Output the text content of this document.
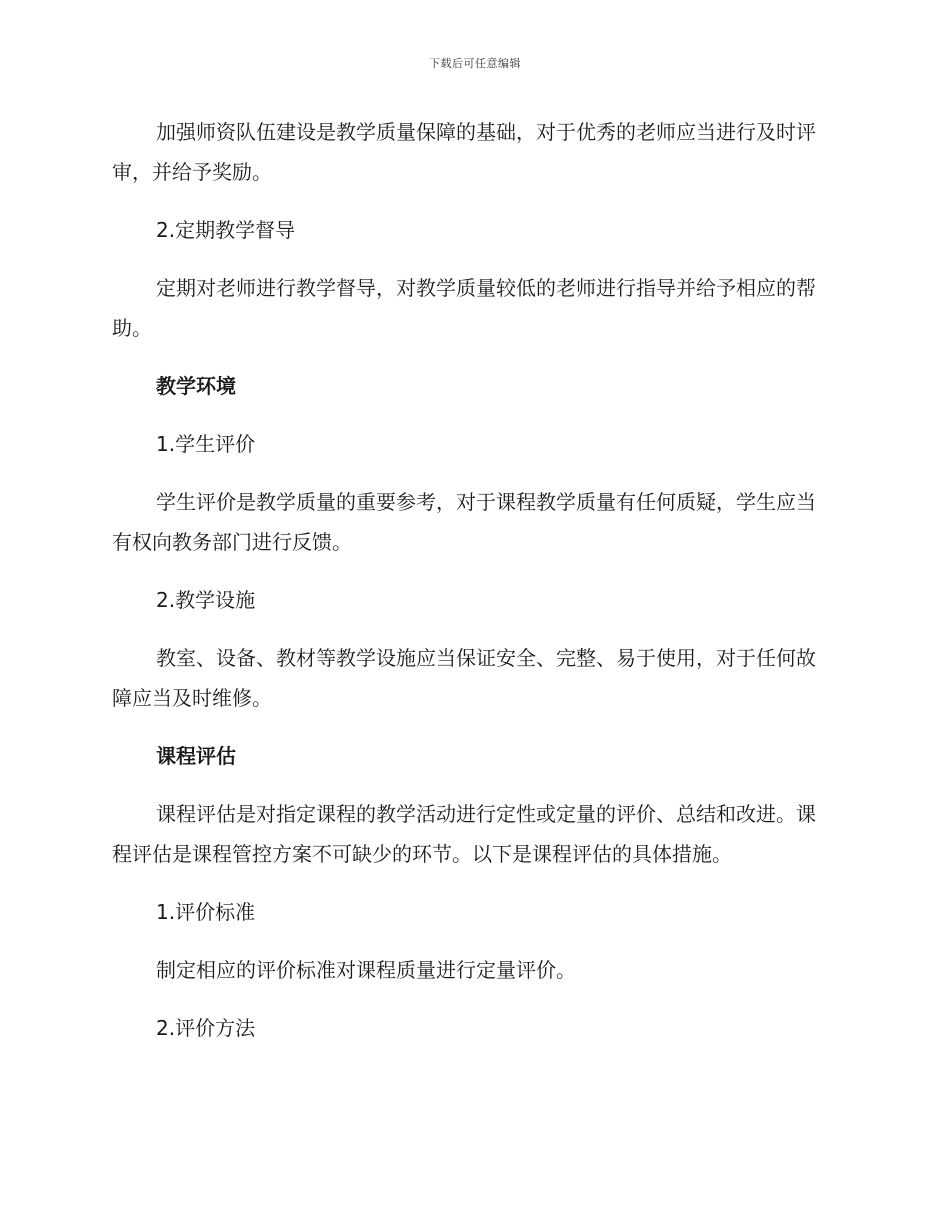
下载后可任意编辑

加强师资队伍建设是教学质量保障的基础，对于优秀的老师应当进行及时评审，并给予奖励。

2.定期教学督导

定期对老师进行教学督导，对教学质量较低的老师进行指导并给予相应的帮助。

教学环境

1.学生评价

学生评价是教学质量的重要参考，对于课程教学质量有任何质疑，学生应当有权向教务部门进行反馈。

2.教学设施

教室、设备、教材等教学设施应当保证安全、完整、易于使用，对于任何故障应当及时维修。

课程评估

课程评估是对指定课程的教学活动进行定性或定量的评价、总结和改进。课程评估是课程管控方案不可缺少的环节。以下是课程评估的具体措施。

1.评价标准

制定相应的评价标准对课程质量进行定量评价。

2.评价方法
